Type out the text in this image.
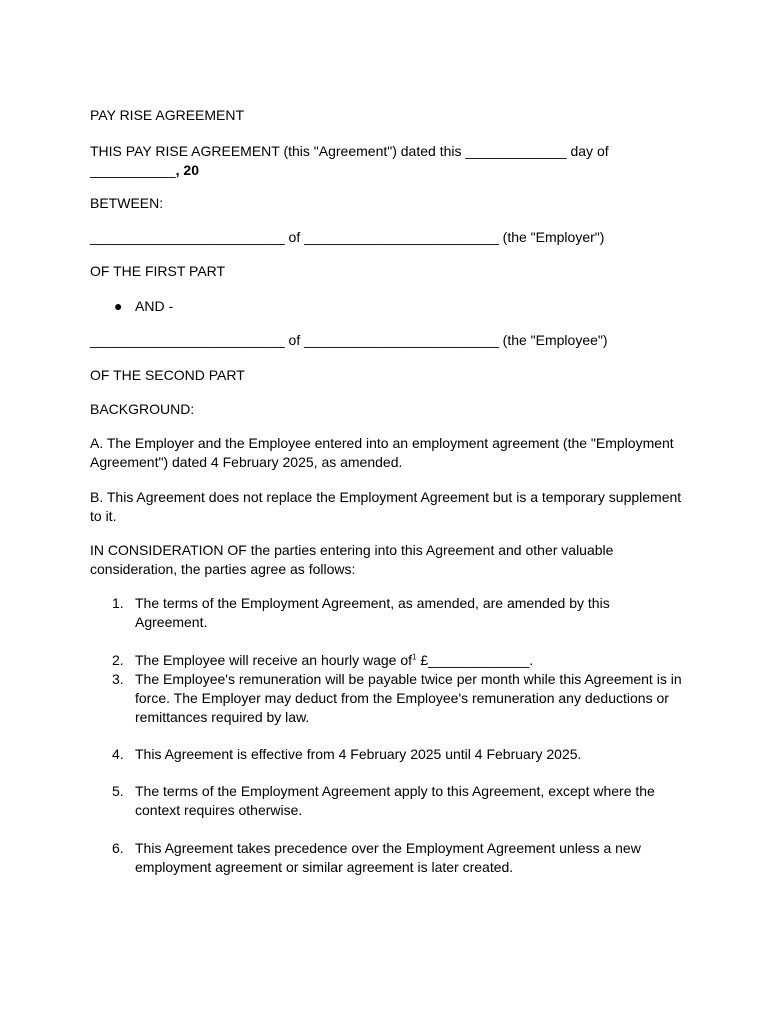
PAY RISE AGREEMENT
THIS PAY RISE AGREEMENT (this "Agreement") dated this _____________ day of
___________, 20
BETWEEN:
_________________________ of _________________________ (the "Employer")
OF THE FIRST PART
● AND -
_________________________ of _________________________ (the "Employee")
OF THE SECOND PART
BACKGROUND:
A. The Employer and the Employee entered into an employment agreement (the "Employment Agreement") dated 4 February 2025, as amended.
B. This Agreement does not replace the Employment Agreement but is a temporary supplement to it.
IN CONSIDERATION OF the parties entering into this Agreement and other valuable consideration, the parties agree as follows:
1. The terms of the Employment Agreement, as amended, are amended by this Agreement.
2. The Employee will receive an hourly wage $of^1$ £_____________.
3. The Employee's remuneration will be payable twice per month while this Agreement is in force. The Employer may deduct from the Employee's remuneration any deductions or remittances required by law.
4. This Agreement is effective from 4 February 2025 until 4 February 2025.
5. The terms of the Employment Agreement apply to this Agreement, except where the context requires otherwise.
6. This Agreement takes precedence over the Employment Agreement unless a new employment agreement or similar agreement is later created.
